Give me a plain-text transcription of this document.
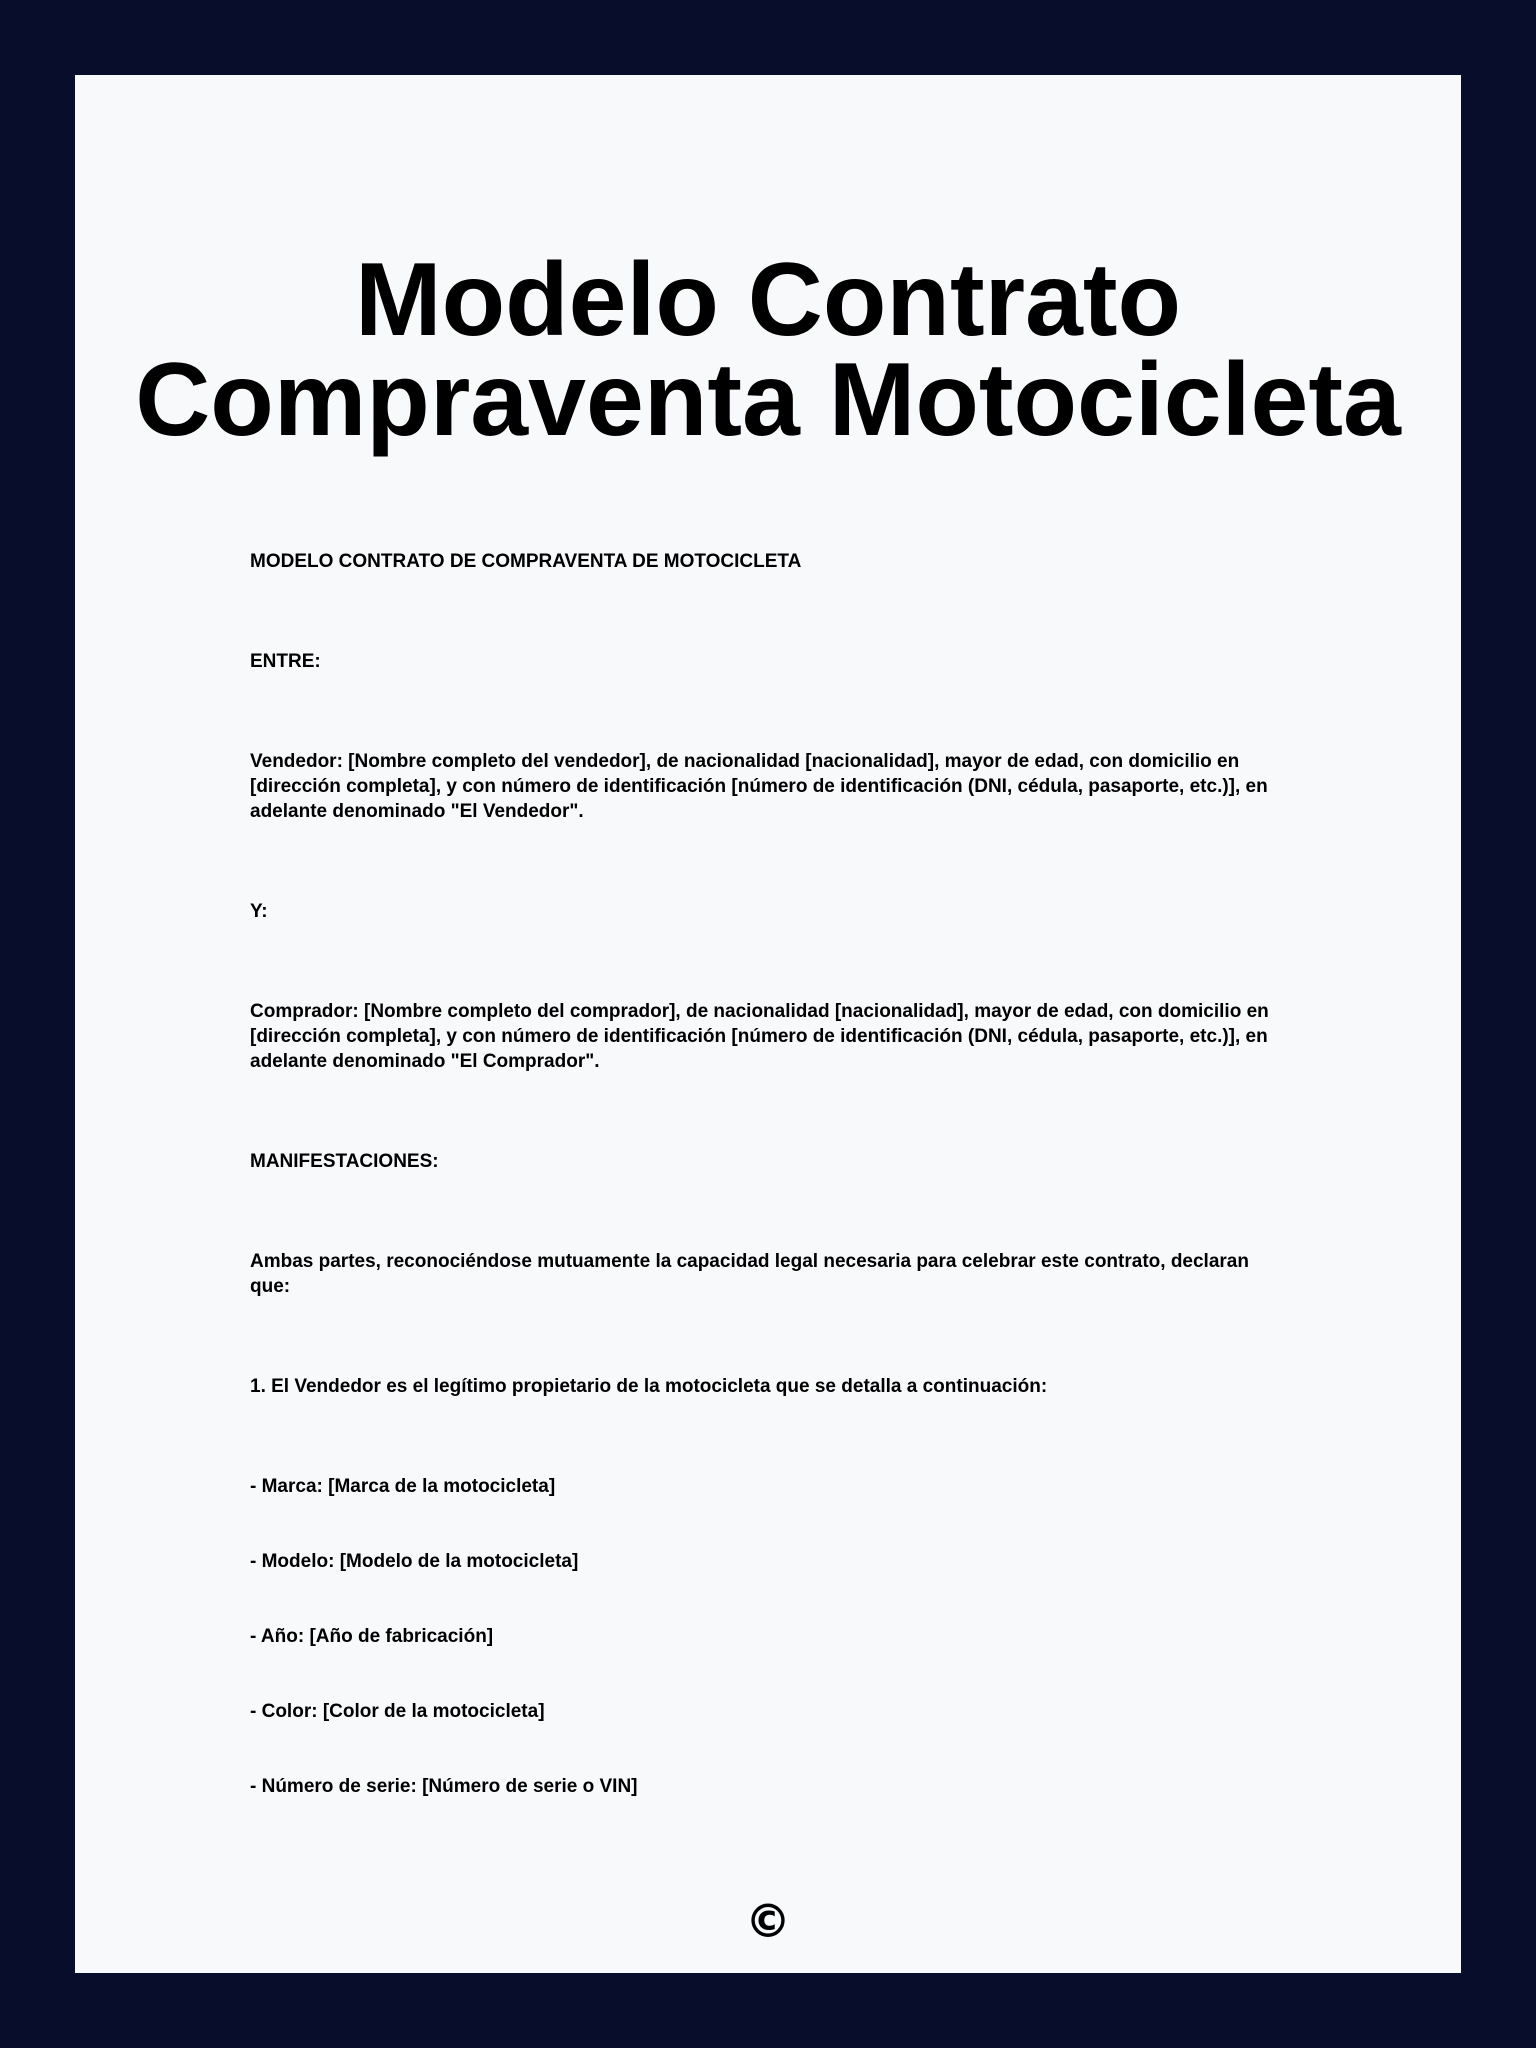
Modelo Contrato Compraventa Motocicleta

MODELO CONTRATO DE COMPRAVENTA DE MOTOCICLETA

ENTRE:

Vendedor: [Nombre completo del vendedor], de nacionalidad [nacionalidad], mayor de edad, con domicilio en [dirección completa], y con número de identificación [número de identificación (DNI, cédula, pasaporte, etc.)], en adelante denominado "El Vendedor".

Y:

Comprador: [Nombre completo del comprador], de nacionalidad [nacionalidad], mayor de edad, con domicilio en [dirección completa], y con número de identificación [número de identificación (DNI, cédula, pasaporte, etc.)], en adelante denominado "El Comprador".

MANIFESTACIONES:

Ambas partes, reconociéndose mutuamente la capacidad legal necesaria para celebrar este contrato, declaran que:

1. El Vendedor es el legítimo propietario de la motocicleta que se detalla a continuación:

- Marca: [Marca de la motocicleta]

- Modelo: [Modelo de la motocicleta]

- Año: [Año de fabricación]

- Color: [Color de la motocicleta]

- Número de serie: [Número de serie o VIN]

©
